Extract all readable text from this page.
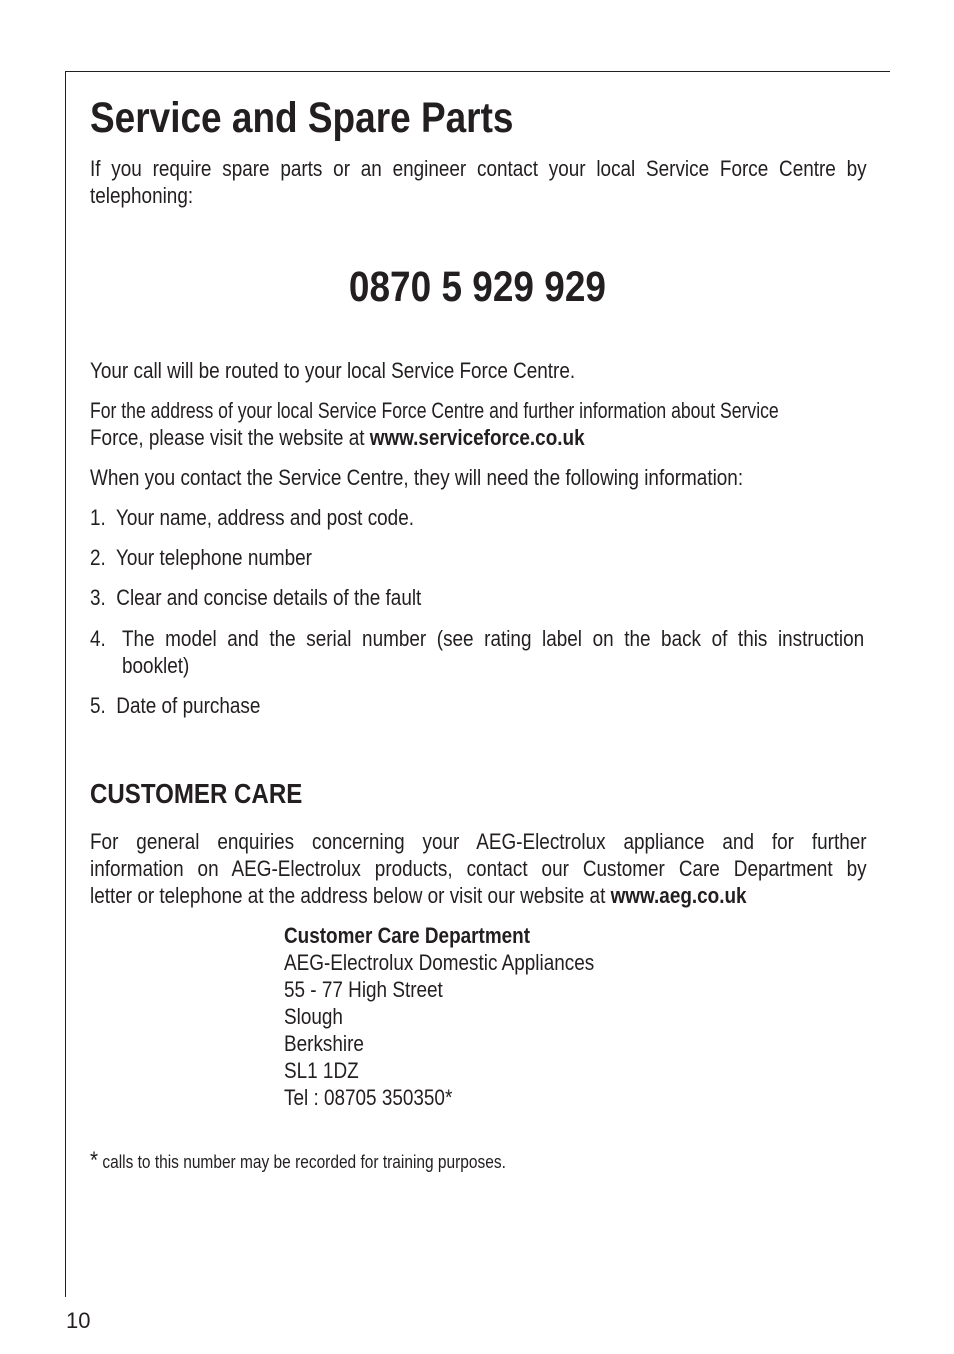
Service and Spare Parts
If you require spare parts or an engineer contact your local Service Force Centre by
telephoning:
0870 5 929 929
Your call will be routed to your local Service Force Centre.
For the address of your local Service Force Centre and further information about Service
Force, please visit the website at www.serviceforce.co.uk
When you contact the Service Centre, they will need the following information:
1. Your name, address and post code.
2. Your telephone number
3. Clear and concise details of the fault
4. The model and the serial number (see rating label on the back of this instruction
booklet)
5. Date of purchase
CUSTOMER CARE
For general enquiries concerning your AEG-Electrolux appliance and for further
information on AEG-Electrolux products, contact our Customer Care Department by
letter or telephone at the address below or visit our website at www.aeg.co.uk
Customer Care Department
AEG-Electrolux Domestic Appliances
55 - 77 High Street
Slough
Berkshire
SL1 1DZ
Tel : 08705 350350*
* calls to this number may be recorded for training purposes.
10
